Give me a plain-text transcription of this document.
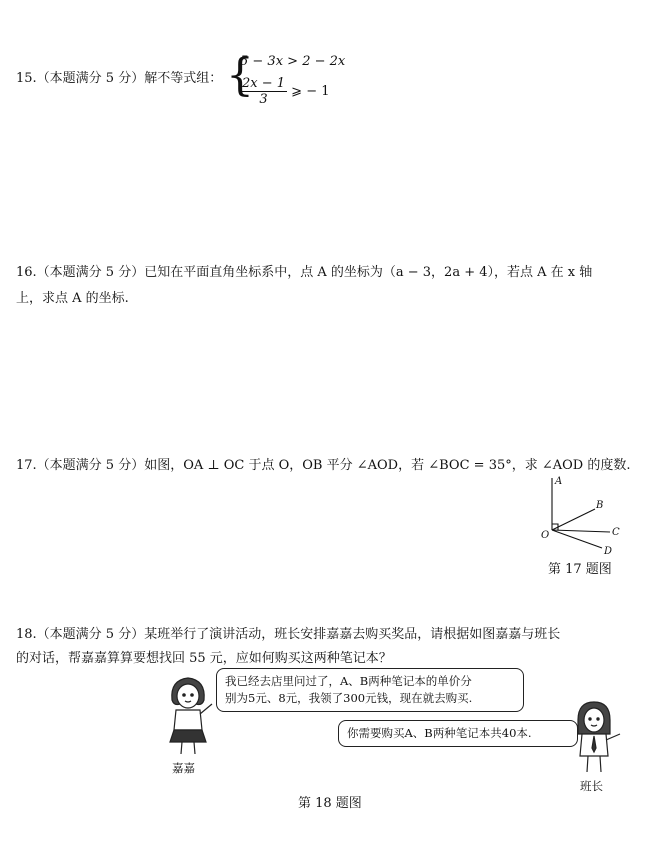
15.（本题满分 5 分）解不等式组： {
5 − 3x > 2 − 2x
$\frac{2x - 1}{3}$ ⩾ − 1
16.（本题满分 5 分）已知在平面直角坐标系中，点 A 的坐标为（a − 3，2a + 4），若点 A 在 x 轴
上，求点 A 的坐标.
17.（本题满分 5 分）如图，OA ⊥ OC 于点 O，OB 平分 ∠AOD，若 ∠BOC = 35°，求 ∠AOD 的度数.
A
B
C
D
O
第 17 题图
18.（本题满分 5 分）某班举行了演讲活动，班长安排嘉嘉去购买奖品，请根据如图嘉嘉与班长
的对话，帮嘉嘉算算要想找回 55 元，应如何购买这两种笔记本？
嘉嘉
我已经去店里问过了，A、B两种笔记本的单价分
别为5元、8元，我领了300元钱，现在就去购买.
你需要购买A、B两种笔记本共40本.
班长
第 18 题图
